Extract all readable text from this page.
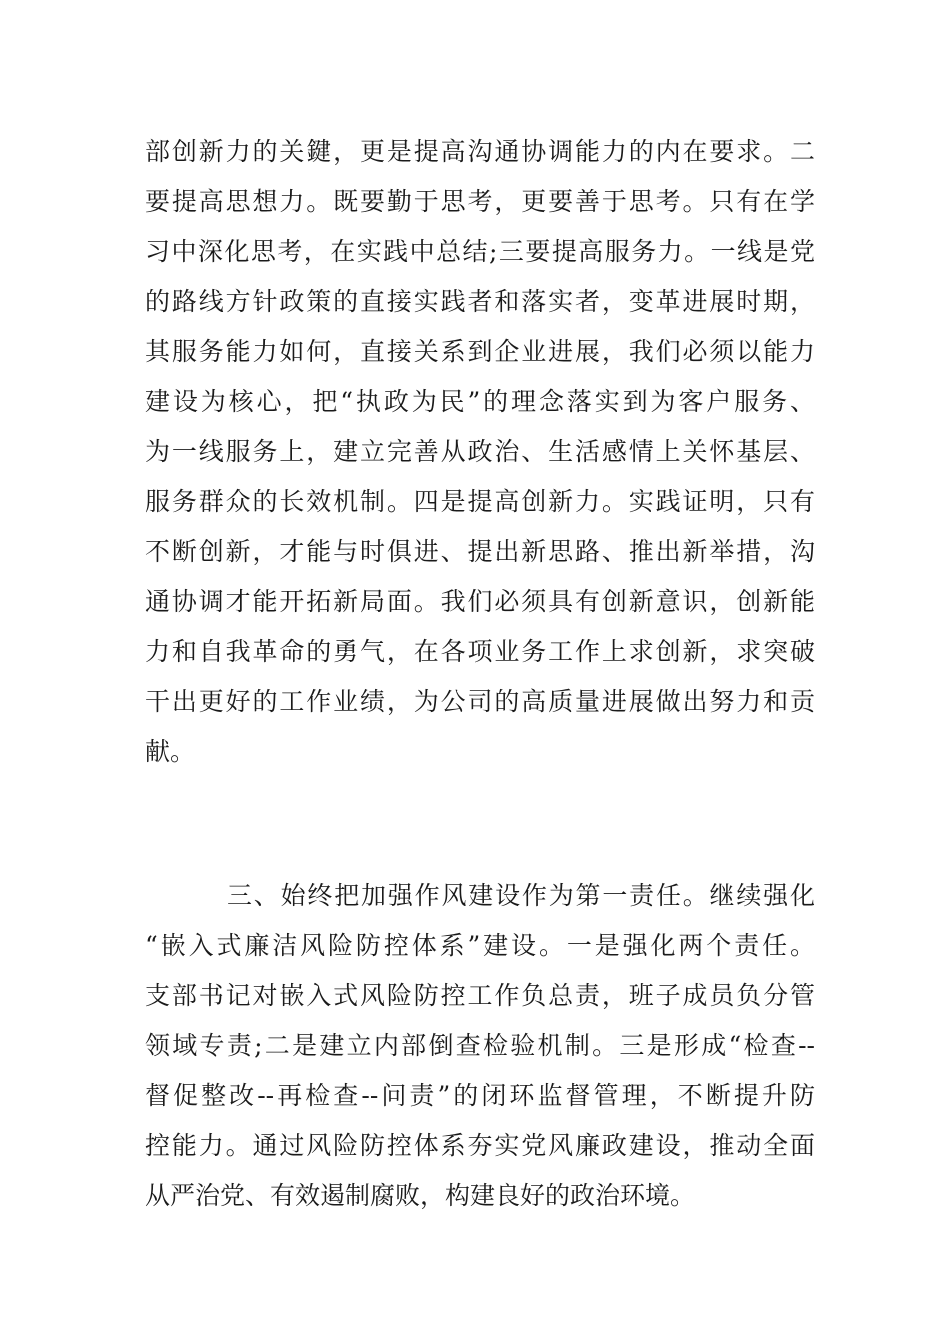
部创新力的关鍵，更是提高沟通协调能力的内在要求。二
要提高思想力。既要勤于思考，更要善于思考。只有在学
习中深化思考，在实践中总结;三要提高服务力。一线是党
的路线方针政策的直接实践者和落实者，变革进展时期，
其服务能力如何，直接关系到企业进展，我们必须以能力
建设为核心，把“执政为民”的理念落实到为客户服务、
为一线服务上，建立完善从政治、生活感情上关怀基层、
服务群众的长效机制。四是提高创新力。实践证明，只有
不断创新，才能与时俱进、提出新思路、推出新举措，沟
通协调才能开拓新局面。我们必须具有创新意识，创新能
力和自我革命的勇气，在各项业务工作上求创新，求突破
干出更好的工作业绩，为公司的高质量进展做出努力和贡
献。
三、始终把加强作风建设作为第一责任。继续强化
“嵌入式廉洁风险防控体系”建设。一是强化两个责任。
支部书记对嵌入式风险防控工作负总责，班子成员负分管
领域专责;二是建立内部倒查检验机制。三是形成“检查--
督促整改--再检查--问责”的闭环监督管理，不断提升防
控能力。通过风险防控体系夯实党风廉政建设，推动全面
从严治党、有效遏制腐败，构建良好的政治环境。
